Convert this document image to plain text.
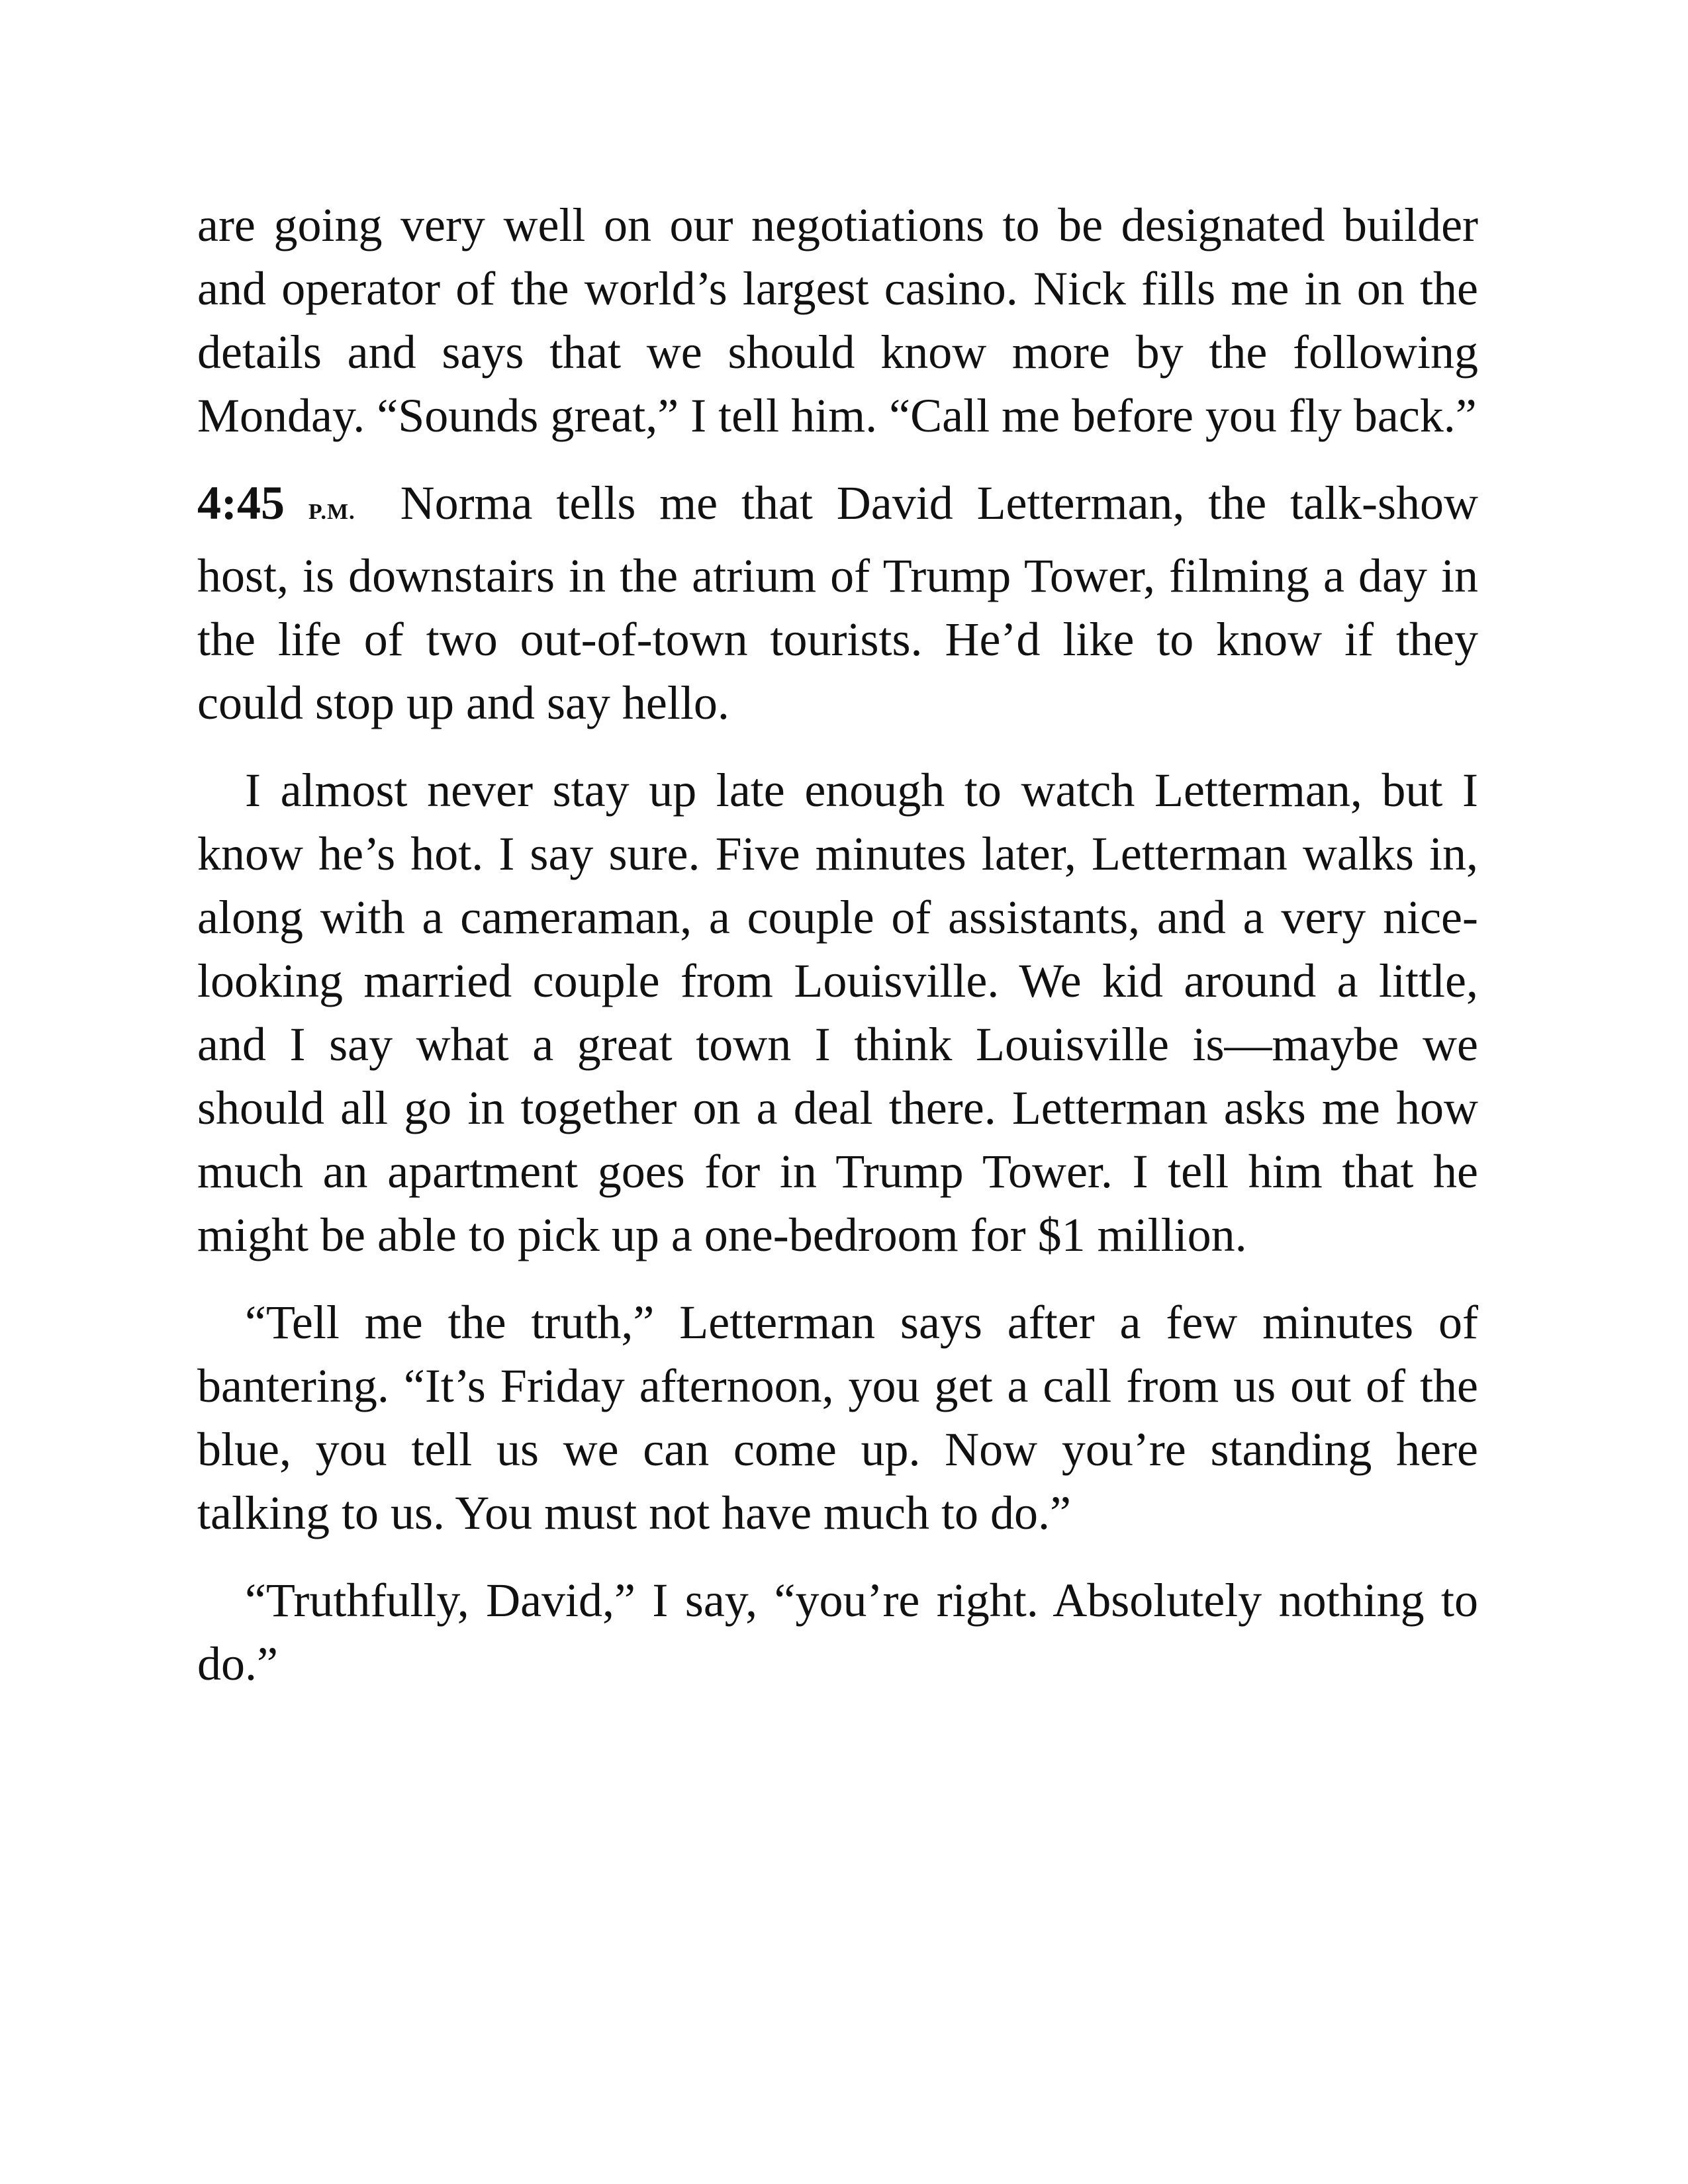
are going very well on our negotiations to be designated builder and operator of the world’s largest casino. Nick fills me in on the details and says that we should know more by the following Monday. “Sounds great,” I tell him. “Call me before you fly back.”

4:45 P.M. Norma tells me that David Letterman, the talk-show host, is downstairs in the atrium of Trump Tower, filming a day in the life of two out-of-town tourists. He’d like to know if they could stop up and say hello.

I almost never stay up late enough to watch Letterman, but I know he’s hot. I say sure. Five minutes later, Letterman walks in, along with a cameraman, a couple of assistants, and a very nice-looking married couple from Louisville. We kid around a little, and I say what a great town I think Louisville is—maybe we should all go in together on a deal there. Letterman asks me how much an apartment goes for in Trump Tower. I tell him that he might be able to pick up a one-bedroom for $1 million.

“Tell me the truth,” Letterman says after a few minutes of bantering. “It’s Friday afternoon, you get a call from us out of the blue, you tell us we can come up. Now you’re standing here talking to us. You must not have much to do.”

“Truthfully, David,” I say, “you’re right. Absolutely nothing to do.”
